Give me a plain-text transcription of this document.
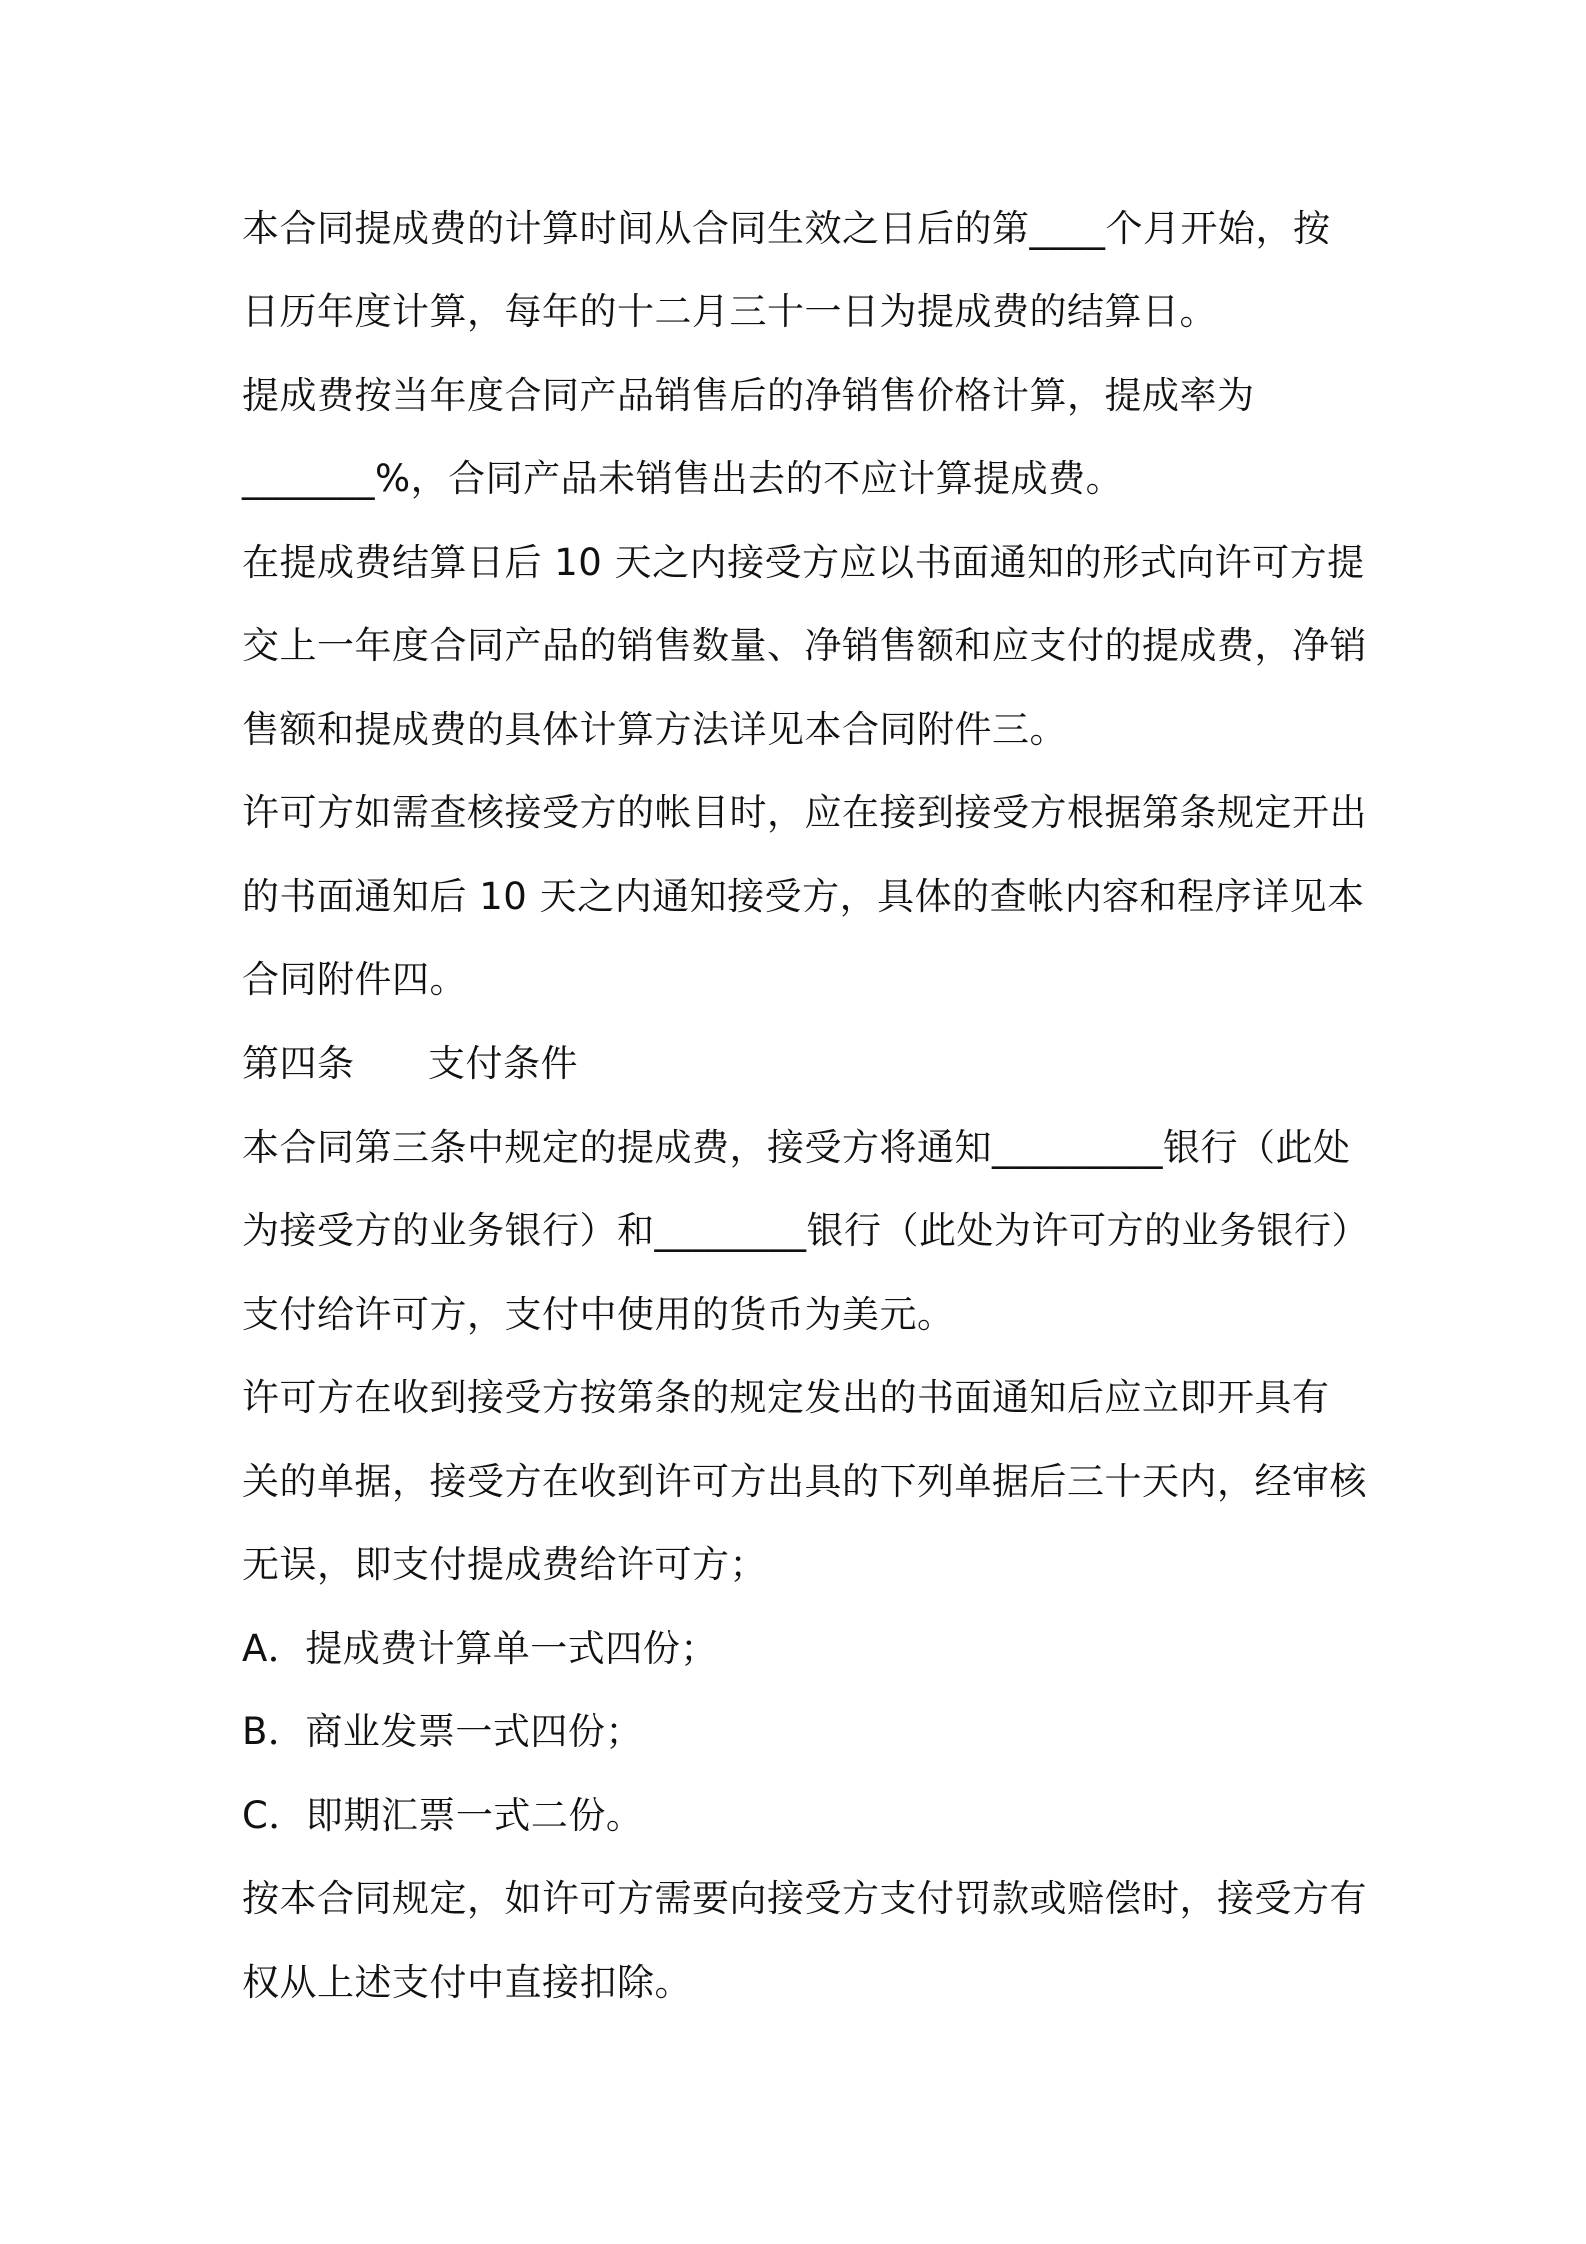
本合同提成费的计算时间从合同生效之日后的第____个月开始，按
日历年度计算，每年的十二月三十一日为提成费的结算日。
提成费按当年度合同产品销售后的净销售价格计算，提成率为
_______%，合同产品未销售出去的不应计算提成费。
在提成费结算日后 10 天之内接受方应以书面通知的形式向许可方提
交上一年度合同产品的销售数量、净销售额和应支付的提成费，净销
售额和提成费的具体计算方法详见本合同附件三。
许可方如需查核接受方的帐目时，应在接到接受方根据第条规定开出
的书面通知后 10 天之内通知接受方，具体的查帐内容和程序详见本
合同附件四。
第四条 支付条件
本合同第三条中规定的提成费，接受方将通知_________银行（此处
为接受方的业务银行）和________银行（此处为许可方的业务银行）
支付给许可方，支付中使用的货币为美元。
许可方在收到接受方按第条的规定发出的书面通知后应立即开具有
关的单据，接受方在收到许可方出具的下列单据后三十天内，经审核
无误，即支付提成费给许可方；
A．提成费计算单一式四份；
B．商业发票一式四份；
C．即期汇票一式二份。
按本合同规定，如许可方需要向接受方支付罚款或赔偿时，接受方有
权从上述支付中直接扣除。
